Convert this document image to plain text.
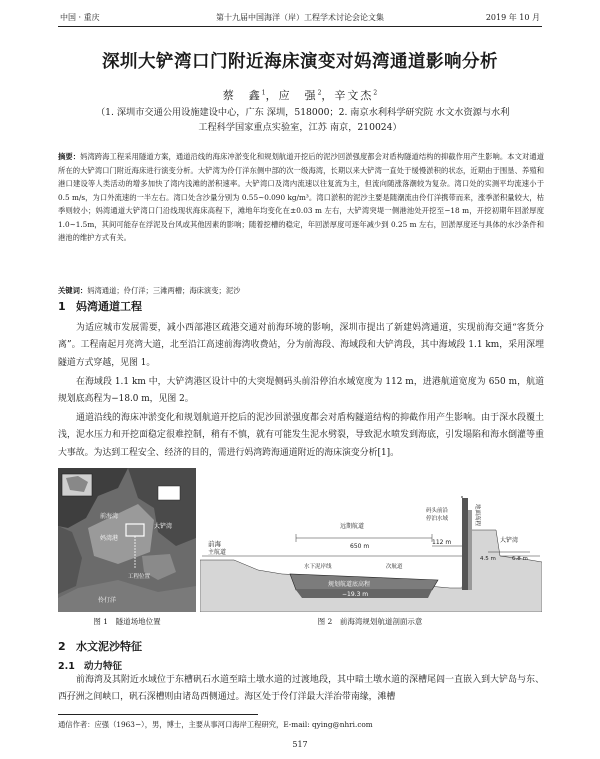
中国 · 重庆	第十九届中国海洋（岸）工程学术讨论会论文集	2019 年 10 月
深圳大铲湾口门附近海床演变对妈湾通道影响分析
蔡　鑫$^1$，应　强$^2$，辛文杰$^2$
（1. 深圳市交通公用设施建设中心，广东 深圳，518000；2. 南京水利科学研究院 水文水资源与水利
工程科学国家重点实验室，江苏 南京，210024）
摘要：妈湾跨海工程采用隧道方案，通道沿线的海床冲淤变化和规划航道开挖后的泥沙回淤强度都会对盾构隧道结构的抑截作用产生影响。本文对通道所在的大铲湾口门附近海床进行演变分析。大铲湾为伶仃洋东侧中部的次一级海湾，长期以来大铲湾一直处于缓慢淤积的状态，近期由于围垦、养殖和港口建设等人类活动的增多加快了湾内浅滩的淤积速率。大铲湾口及湾内流速以往复流为主，但流向随涨落潮较为复杂。湾口处的实测平均流速小于 0.5 m/s，为口外流速的一半左右。湾口处含沙量分别为 0.55~0.090 kg/m³。湾口淤积的泥沙主要是随潮流由伶仃洋携带而来，涨季淤积量较大，枯季则较小；妈湾通道大铲湾口门沿线现状海床高程下，滩地年均变化在±0.03 m 左右，大铲湾突堤一侧港池处开挖至−18 m，开挖初期年回淤厚度 1.0~1.5m，其间可能存在浮泥及台风或其他因素的影响；随着挖槽的稳定，年回淤厚度可逐年减少到 0.25 m 左右，回淤厚度还与具体的水沙条件和港池的维护方式有关。
关键词：妈湾通道；伶仃洋；三滩两槽；海床演变；泥沙
1 妈湾通道工程
为适应城市发展需要，减小西部港区疏港交通对前海环境的影响，深圳市提出了新建妈湾通道，实现前海交通“客货分离”。工程南起月亮湾大道，北至沿江高速前海湾收费站，分为前海段、海域段和大铲湾段，其中海域段 1.1 km，采用深埋隧道方式穿越，见图 1。
在海域段 1.1 km 中，大铲湾港区设计中的大突堤侧码头前沿停泊水域宽度为 112 m，进港航道宽度为 650 m，航道规划底高程为−18.0 m，见图 2。
通道沿线的海床冲淤变化和规划航道开挖后的泥沙回淤强度都会对盾构隧道结构的抑截作用产生影响。由于深水段覆土浅，泥水压力和开挖面稳定很难控制，稍有不慎，就有可能发生泥水劈裂，导致泥水喷发到海底，引发塌陷和海水倒灌等重大事故。为达到工程安全、经济的目的，需进行妈湾跨海通道附近的海床演变分析[1]。
前海湾
妈湾港
大铲湾
伶仃洋
工程位置
图 1　隧道场地位置
前海
主航道
远期航道
650 m
水下泥岸线	次航道
码头前沿
停泊水域
112 m
地面高程
大铲湾
4.5 m	6.8 m
规划航道底高程
−19.3 m
图 2　前海湾规划航道剖面示意
2 水文泥沙特征
2.1 动力特征
前海湾及其附近水域位于东槽矾石水道至暗土墩水道的过渡地段，其中暗土墩水道的深槽尾闾一直嵌入到大铲岛与东、西孖洲之间峡口，矾石深槽则由诸岛西侧通过。海区处于伶仃洋最大洋治带南缘，滩槽
通信作者：应强（1963−），男，博士，主要从事河口海岸工程研究，E-mail: qying@nhri.com
517
